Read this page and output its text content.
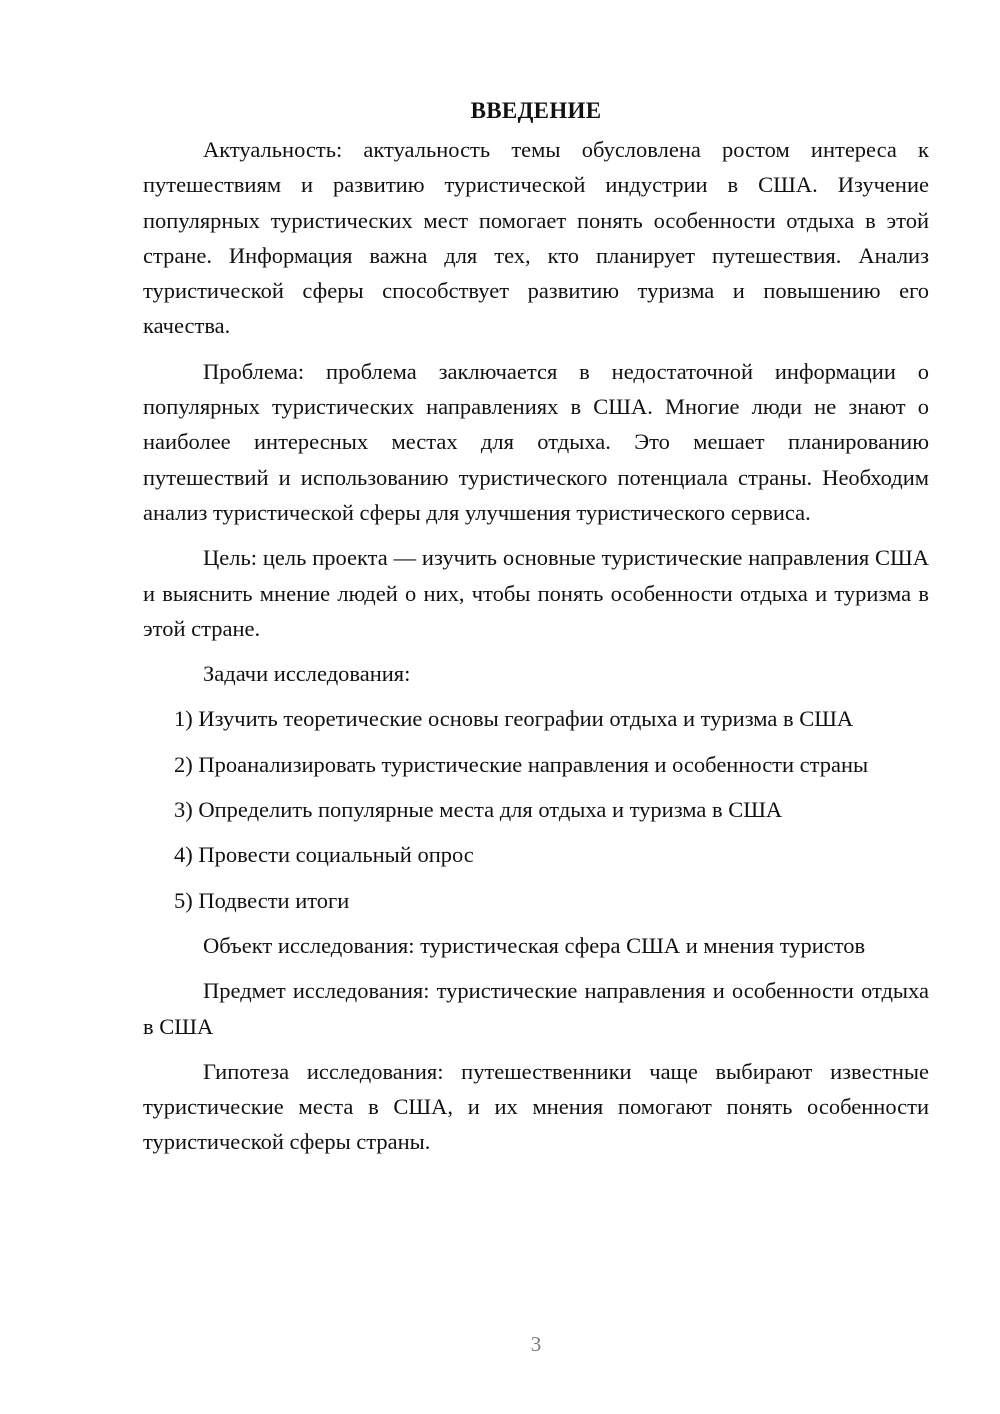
ВВЕДЕНИЕ

Актуальность: актуальность темы обусловлена ростом интереса к путешествиям и развитию туристической индустрии в США. Изучение популярных туристических мест помогает понять особенности отдыха в этой стране. Информация важна для тех, кто планирует путешествия. Анализ туристической сферы способствует развитию туризма и повышению его качества.

Проблема: проблема заключается в недостаточной информации о популярных туристических направлениях в США. Многие люди не знают о наиболее интересных местах для отдыха. Это мешает планированию путешествий и использованию туристического потенциала страны. Необходим анализ туристической сферы для улучшения туристического сервиса.

Цель: цель проекта — изучить основные туристические направления США и выяснить мнение людей о них, чтобы понять особенности отдыха и туризма в этой стране.

Задачи исследования:

1) Изучить теоретические основы географии отдыха и туризма в США

2) Проанализировать туристические направления и особенности страны

3) Определить популярные места для отдыха и туризма в США

4) Провести социальный опрос

5) Подвести итоги

Объект исследования: туристическая сфера США и мнения туристов

Предмет исследования: туристические направления и особенности отдыха в США

Гипотеза исследования: путешественники чаще выбирают известные туристические места в США, и их мнения помогают понять особенности туристической сферы страны.

3
